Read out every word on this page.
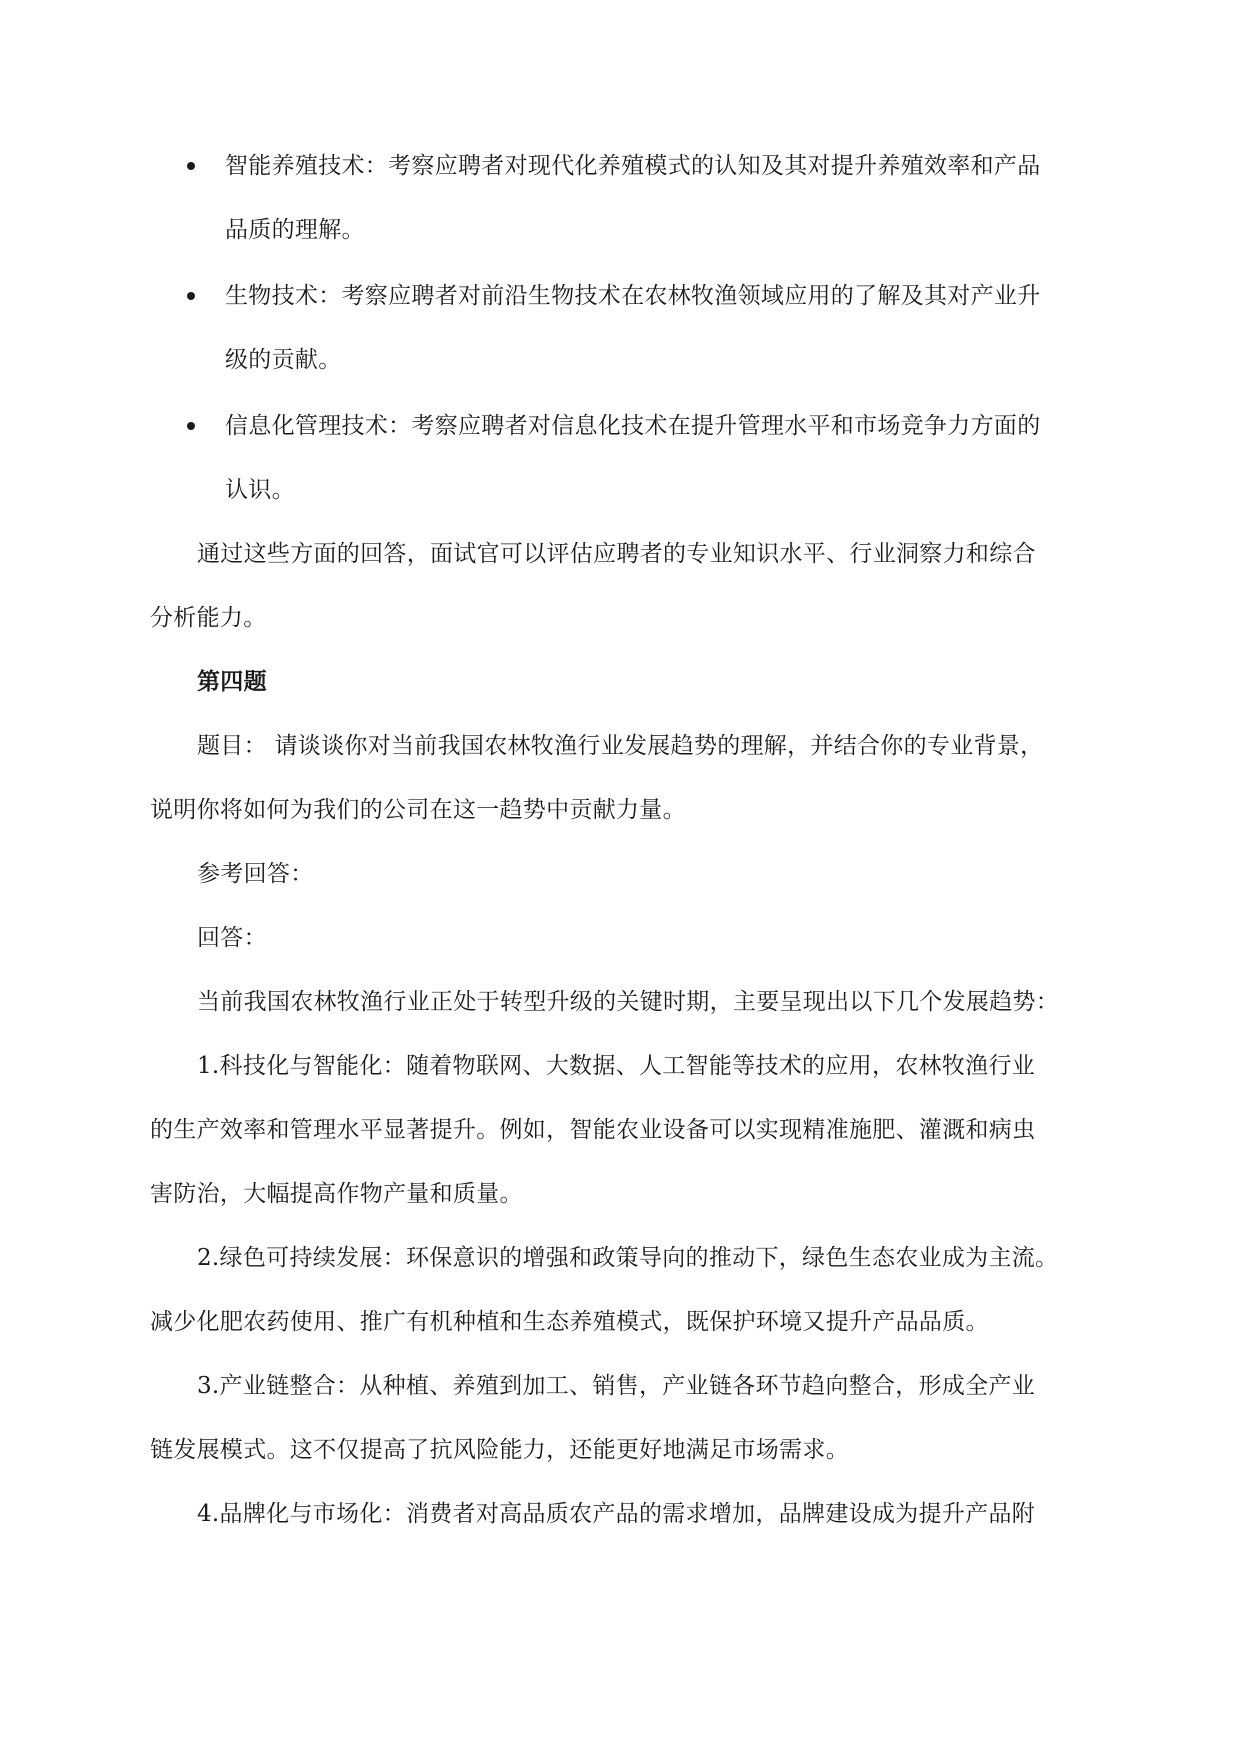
智能养殖技术：考察应聘者对现代化养殖模式的认知及其对提升养殖效率和产品
品质的理解。
生物技术：考察应聘者对前沿生物技术在农林牧渔领域应用的了解及其对产业升
级的贡献。
信息化管理技术：考察应聘者对信息化技术在提升管理水平和市场竞争力方面的
认识。
通过这些方面的回答，面试官可以评估应聘者的专业知识水平、行业洞察力和综合
分析能力。
第四题
题目： 请谈谈你对当前我国农林牧渔行业发展趋势的理解，并结合你的专业背景，
说明你将如何为我们的公司在这一趋势中贡献力量。
参考回答：
回答：
当前我国农林牧渔行业正处于转型升级的关键时期，主要呈现出以下几个发展趋势：
1.科技化与智能化：随着物联网、大数据、人工智能等技术的应用，农林牧渔行业
的生产效率和管理水平显著提升。例如，智能农业设备可以实现精准施肥、灌溉和病虫
害防治，大幅提高作物产量和质量。
2.绿色可持续发展：环保意识的增强和政策导向的推动下，绿色生态农业成为主流。
减少化肥农药使用、推广有机种植和生态养殖模式，既保护环境又提升产品品质。
3.产业链整合：从种植、养殖到加工、销售，产业链各环节趋向整合，形成全产业
链发展模式。这不仅提高了抗风险能力，还能更好地满足市场需求。
4.品牌化与市场化：消费者对高品质农产品的需求增加，品牌建设成为提升产品附
